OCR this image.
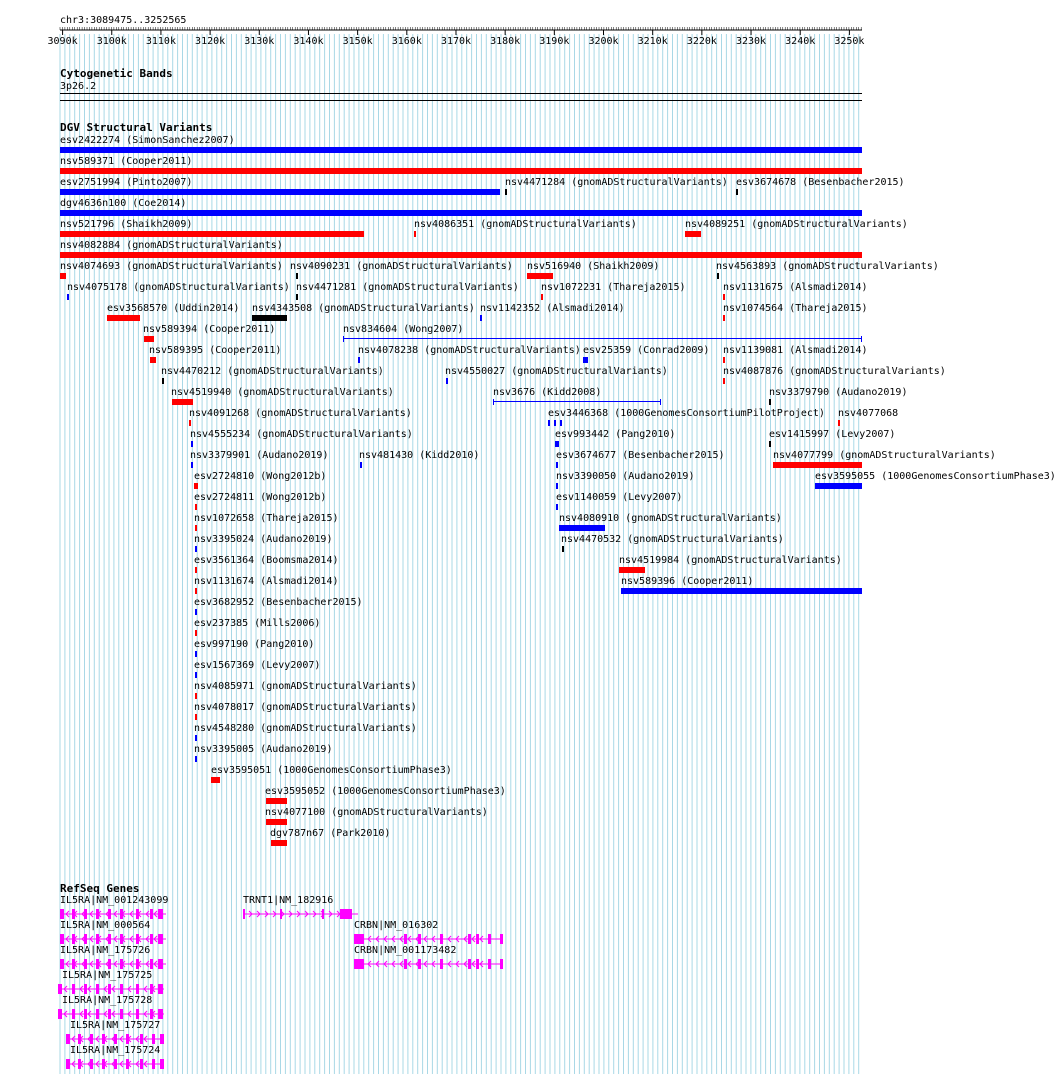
3090k 3100k 3110k 3120k 3130k 3140k 3150k 3160k 3170k 3180k 3190k 3200k 3210k 3220k 3230k 3240k 3250k
chr3:3089475..3252565
Cytogenetic Bands
3p26.2
DGV Structural Variants
esv2422274 (SimonSanchez2007)
nsv589371 (Cooper2011)
esv2751994 (Pinto2007)	nsv4471284 (gnomADStructuralVariants) esv3674678 (Besenbacher2015)
dgv4636n100 (Coe2014)
nsv521796 (Shaikh2009)	nsv4086351 (gnomADStructuralVariants)	nsv4089251 (gnomADStructuralVariants)
nsv4082884 (gnomADStructuralVariants)
nsv4074693 (gnomADStructuralVariants) nsv4090231 (gnomADStructuralVariants) nsv516940 (Shaikh2009)	nsv4563893 (gnomADStructuralVariants)
nsv4075178 (gnomADStructuralVariants) nsv4471281 (gnomADStructuralVariants) nsv1072231 (Thareja2015)	nsv1131675 (Alsmadi2014)
esv3568570 (Uddin2014) nsv4343508 (gnomADStructuralVariants) nsv1142352 (Alsmadi2014)	nsv1074564 (Thareja2015)
nsv589394 (Cooper2011)	nsv834604 (Wong2007)
nsv589395 (Cooper2011)	nsv4078238 (gnomADStructuralVariants) esv25359 (Conrad2009) nsv1139081 (Alsmadi2014)
nsv4470212 (gnomADStructuralVariants)	nsv4550027 (gnomADStructuralVariants)	nsv4087876 (gnomADStructuralVariants)
nsv4519940 (gnomADStructuralVariants)	nsv3676 (Kidd2008)	nsv3379790 (Audano2019)
nsv4091268 (gnomADStructuralVariants)	esv3446368 (1000GenomesConsortiumPilotProject) nsv4077068
nsv4555234 (gnomADStructuralVariants)	esv993442 (Pang2010)	esv1415997 (Levy2007)
nsv3379901 (Audano2019)	nsv481430 (Kidd2010)	esv3674677 (Besenbacher2015)	nsv4077799 (gnomADStructuralVariants)
esv2724810 (Wong2012b)	nsv3390050 (Audano2019)	esv3595055 (1000GenomesConsortiumPhase3)
esv2724811 (Wong2012b)	esv1140059 (Levy2007)
nsv1072658 (Thareja2015)	nsv4080910 (gnomADStructuralVariants)
nsv3395024 (Audano2019)	nsv4470532 (gnomADStructuralVariants)
esv3561364 (Boomsma2014)	nsv4519984 (gnomADStructuralVariants)
nsv1131674 (Alsmadi2014)	nsv589396 (Cooper2011)
esv3682952 (Besenbacher2015)
esv237385 (Mills2006)
esv997190 (Pang2010)
esv1567369 (Levy2007)
nsv4085971 (gnomADStructuralVariants)
nsv4078017 (gnomADStructuralVariants)
nsv4548280 (gnomADStructuralVariants)
nsv3395005 (Audano2019)
esv3595051 (1000GenomesConsortiumPhase3)
esv3595052 (1000GenomesConsortiumPhase3)
nsv4077100 (gnomADStructuralVariants)
dgv787n67 (Park2010)
RefSeq Genes
IL5RA|NM_001243099	TRNT1|NM_182916
IL5RA|NM_000564	CRBN|NM_016302
IL5RA|NM_175726	CRBN|NM_001173482
IL5RA|NM_175725
IL5RA|NM_175728
IL5RA|NM_175727
IL5RA|NM_175724
